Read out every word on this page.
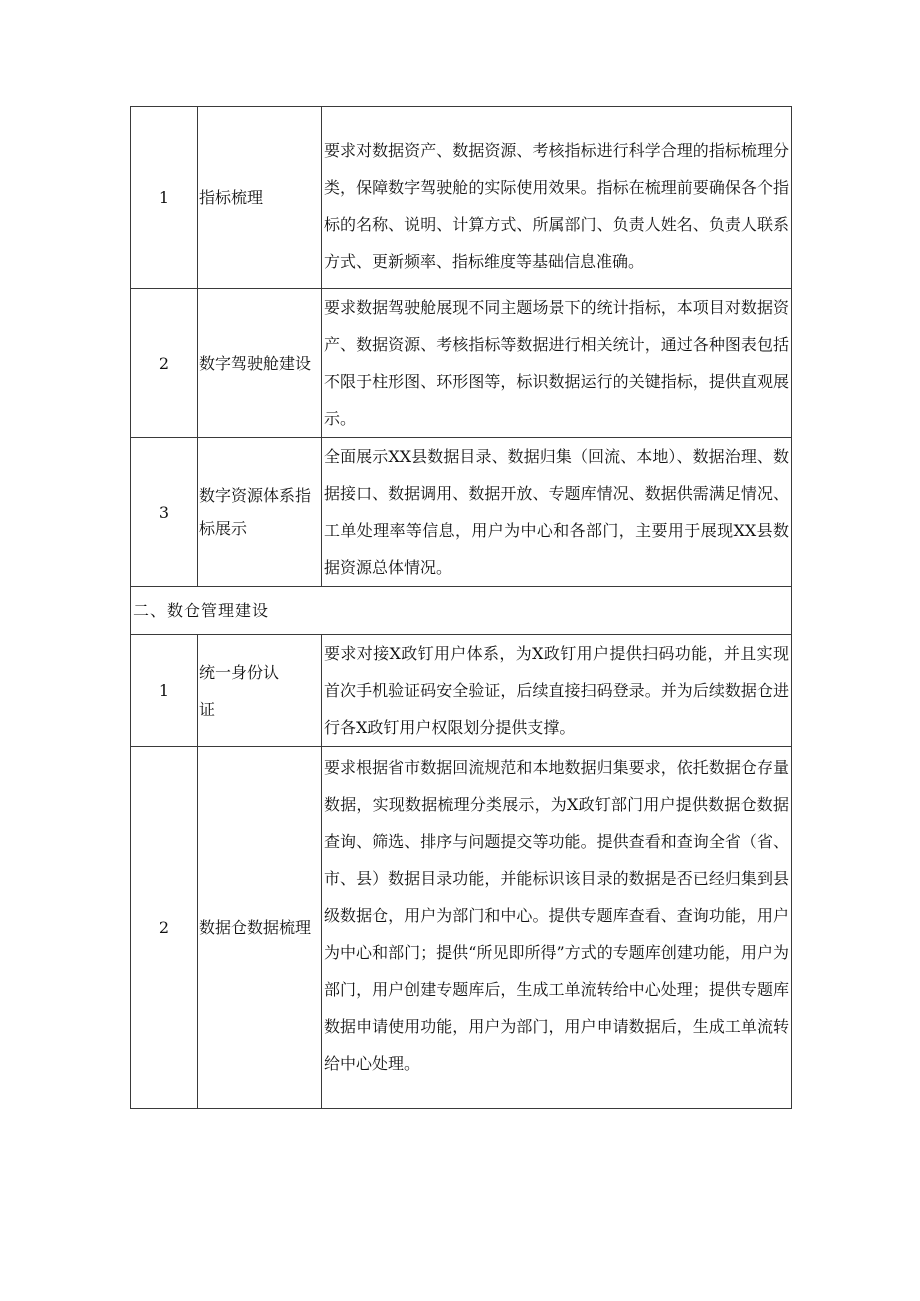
1	指标梳理	要求对数据资产、数据资源、考核指标进行科学合理的指标梳理分类，保障数字驾驶舱的实际使用效果。指标在梳理前要确保各个指标的名称、说明、计算方式、所属部门、负责人姓名、负责人联系方式、更新频率、指标维度等基础信息准确。
2	数字驾驶舱建设	要求数据驾驶舱展现不同主题场景下的统计指标，本项目对数据资产、数据资源、考核指标等数据进行相关统计，通过各种图表包括不限于柱形图、环形图等，标识数据运行的关键指标，提供直观展示。
3	数字资源体系指标展示	全面展示XX县数据目录、数据归集（回流、本地）、数据治理、数据接口、数据调用、数据开放、专题库情况、数据供需满足情况、工单处理率等信息，用户为中心和各部门，主要用于展现XX县数据资源总体情况。
二、数仓管理建设		
1	统一身份认证	要求对接X政钉用户体系，为X政钉用户提供扫码功能，并且实现首次手机验证码安全验证，后续直接扫码登录。并为后续数据仓进行各X政钉用户权限划分提供支撑。
2	数据仓数据梳理	要求根据省市数据回流规范和本地数据归集要求，依托数据仓存量数据，实现数据梳理分类展示，为X政钉部门用户提供数据仓数据查询、筛选、排序与问题提交等功能。提供查看和查询全省（省、市、县）数据目录功能，并能标识该目录的数据是否已经归集到县级数据仓，用户为部门和中心。提供专题库查看、查询功能，用户为中心和部门；提供“所见即所得”方式的专题库创建功能，用户为部门，用户创建专题库后，生成工单流转给中心处理；提供专题库数据申请使用功能，用户为部门，用户申请数据后，生成工单流转给中心处理。
